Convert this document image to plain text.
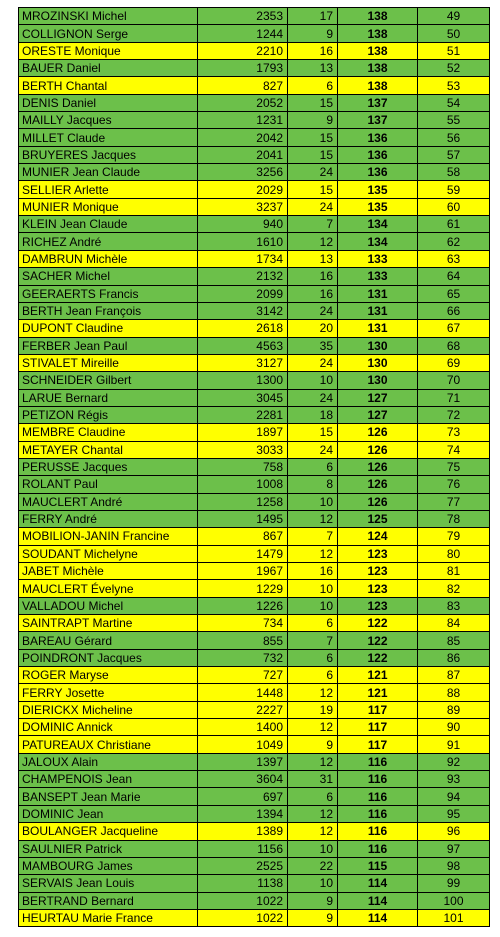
MROZINSKI Michel	2353	17	138	49
COLLIGNON Serge	1244	9	138	50
ORESTE Monique	2210	16	138	51
BAUER Daniel	1793	13	138	52
BERTH Chantal	827	6	138	53
DENIS Daniel	2052	15	137	54
MAILLY Jacques	1231	9	137	55
MILLET Claude	2042	15	136	56
BRUYERES Jacques	2041	15	136	57
MUNIER Jean Claude	3256	24	136	58
SELLIER Arlette	2029	15	135	59
MUNIER Monique	3237	24	135	60
KLEIN Jean Claude	940	7	134	61
RICHEZ André	1610	12	134	62
DAMBRUN Michèle	1734	13	133	63
SACHER Michel	2132	16	133	64
GEERAERTS Francis	2099	16	131	65
BERTH Jean François	3142	24	131	66
DUPONT Claudine	2618	20	131	67
FERBER Jean Paul	4563	35	130	68
STIVALET Mireille	3127	24	130	69
SCHNEIDER Gilbert	1300	10	130	70
LARUE Bernard	3045	24	127	71
PETIZON Régis	2281	18	127	72
MEMBRE Claudine	1897	15	126	73
METAYER Chantal	3033	24	126	74
PERUSSE Jacques	758	6	126	75
ROLANT Paul	1008	8	126	76
MAUCLERT André	1258	10	126	77
FERRY André	1495	12	125	78
MOBILION-JANIN Francine	867	7	124	79
SOUDANT Michelyne	1479	12	123	80
JABET Michèle	1967	16	123	81
MAUCLERT Évelyne	1229	10	123	82
VALLADOU Michel	1226	10	123	83
SAINTRAPT Martine	734	6	122	84
BAREAU Gérard	855	7	122	85
POINDRONT Jacques	732	6	122	86
ROGER Maryse	727	6	121	87
FERRY Josette	1448	12	121	88
DIERICKX Micheline	2227	19	117	89
DOMINIC Annick	1400	12	117	90
PATUREAUX Christiane	1049	9	117	91
JALOUX Alain	1397	12	116	92
CHAMPENOIS Jean	3604	31	116	93
BANSEPT Jean Marie	697	6	116	94
DOMINIC Jean	1394	12	116	95
BOULANGER Jacqueline	1389	12	116	96
SAULNIER Patrick	1156	10	116	97
MAMBOURG James	2525	22	115	98
SERVAIS Jean Louis	1138	10	114	99
BERTRAND Bernard	1022	9	114	100
HEURTAU Marie France	1022	9	114	101
